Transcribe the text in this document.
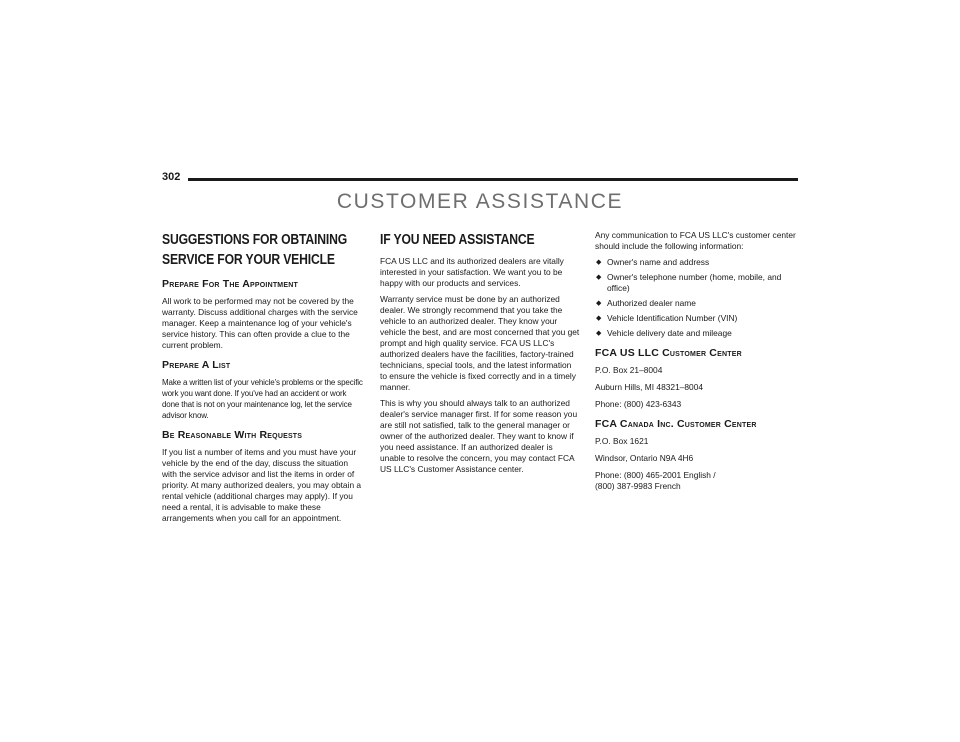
302
CUSTOMER ASSISTANCE
SUGGESTIONS FOR OBTAINING SERVICE FOR YOUR VEHICLE
Prepare For The Appointment

All work to be performed may not be covered by the warranty. Discuss additional charges with the service manager. Keep a maintenance log of your vehicle's service history. This can often provide a clue to the current problem.

Prepare A List

Make a written list of your vehicle's problems or the specific work you want done. If you've had an accident or work done that is not on your maintenance log, let the service advisor know.

Be Reasonable With Requests

If you list a number of items and you must have your vehicle by the end of the day, discuss the situation with the service advisor and list the items in order of priority. At many authorized dealers, you may obtain a rental vehicle (additional charges may apply). If you need a rental, it is advisable to make these arrangements when you call for an appointment.

IF YOU NEED ASSISTANCE

FCA US LLC and its authorized dealers are vitally interested in your satisfaction. We want you to be happy with our products and services.

Warranty service must be done by an authorized dealer. We strongly recommend that you take the vehicle to an authorized dealer. They know your vehicle the best, and are most concerned that you get prompt and high quality service. FCA US LLC's authorized dealers have the facilities, factory-trained technicians, special tools, and the latest information to ensure the vehicle is fixed correctly and in a timely manner.

This is why you should always talk to an authorized dealer's service manager first. If for some reason you are still not satisfied, talk to the general manager or owner of the authorized dealer. They want to know if you need assistance. If an authorized dealer is unable to resolve the concern, you may contact FCA US LLC's Customer Assistance center.

Any communication to FCA US LLC's customer center should include the following information:

◆ Owner's name and address
◆ Owner's telephone number (home, mobile, and office)
◆ Authorized dealer name
◆ Vehicle Identification Number (VIN)
◆ Vehicle delivery date and mileage
FCA US LLC Customer Center

P.O. Box 21–8004

Auburn Hills, MI 48321–8004

Phone: (800) 423-6343

FCA Canada Inc. Customer Center

P.O. Box 1621

Windsor, Ontario N9A 4H6

Phone: (800) 465-2001 English /
(800) 387-9983 French
